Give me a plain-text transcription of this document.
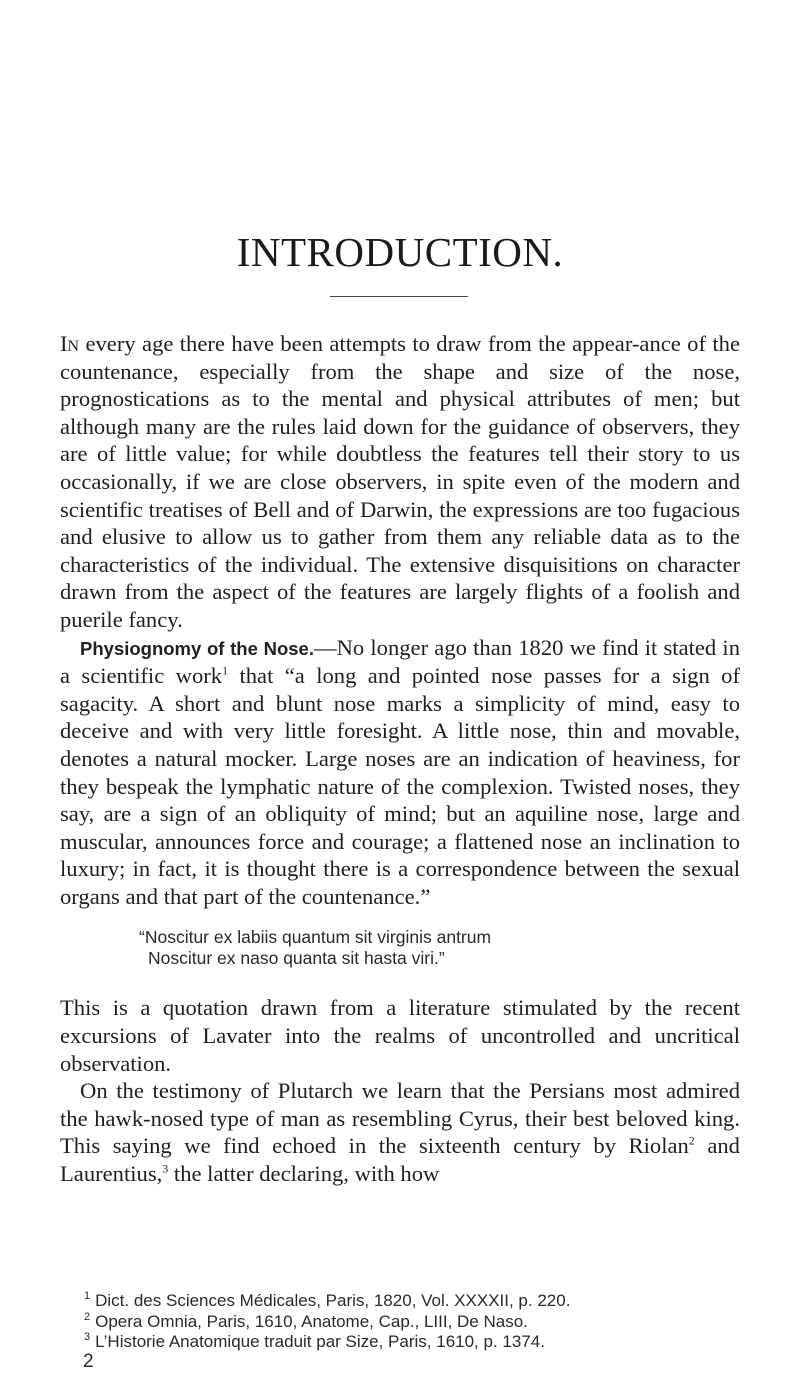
INTRODUCTION.

In every age there have been attempts to draw from the appear-ance of the countenance, especially from the shape and size of the nose, prognostications as to the mental and physical attributes of men; but although many are the rules laid down for the guidance of observers, they are of little value; for while doubtless the features tell their story to us occasionally, if we are close observers, in spite even of the modern and scientific treatises of Bell and of Darwin, the expressions are too fugacious and elusive to allow us to gather from them any reliable data as to the characteristics of the individual. The extensive disquisitions on character drawn from the aspect of the features are largely flights of a foolish and puerile fancy.

Physiognomy of the Nose.—No longer ago than 1820 we find it stated in a scientific work$^1$ that “a long and pointed nose passes for a sign of sagacity. A short and blunt nose marks a simplicity of mind, easy to deceive and with very little foresight. A little nose, thin and movable, denotes a natural mocker. Large noses are an indication of heaviness, for they bespeak the lymphatic nature of the complexion. Twisted noses, they say, are a sign of an obliquity of mind; but an aquiline nose, large and muscular, announces force and courage; a flattened nose an inclination to luxury; in fact, it is thought there is a correspondence between the sexual organs and that part of the countenance.”

“Noscitur ex labiis quantum sit virginis antrum
Noscitur ex naso quanta sit hasta viri.”

This is a quotation drawn from a literature stimulated by the recent excursions of Lavater into the realms of uncontrolled and uncritical observation.

On the testimony of Plutarch we learn that the Persians most admired the hawk-nosed type of man as resembling Cyrus, their best beloved king. This saying we find echoed in the sixteenth century by Riolan$^2$ and Laurentius,$^3$ the latter declaring, with how

$^1$ Dict. des Sciences Médicales, Paris, 1820, Vol. XXXXII, p. 220.
$^2$ Opera Omnia, Paris, 1610, Anatome, Cap., LIII, De Naso.
$^3$ L’Historie Anatomique traduit par Size, Paris, 1610, p. 1374.
2
